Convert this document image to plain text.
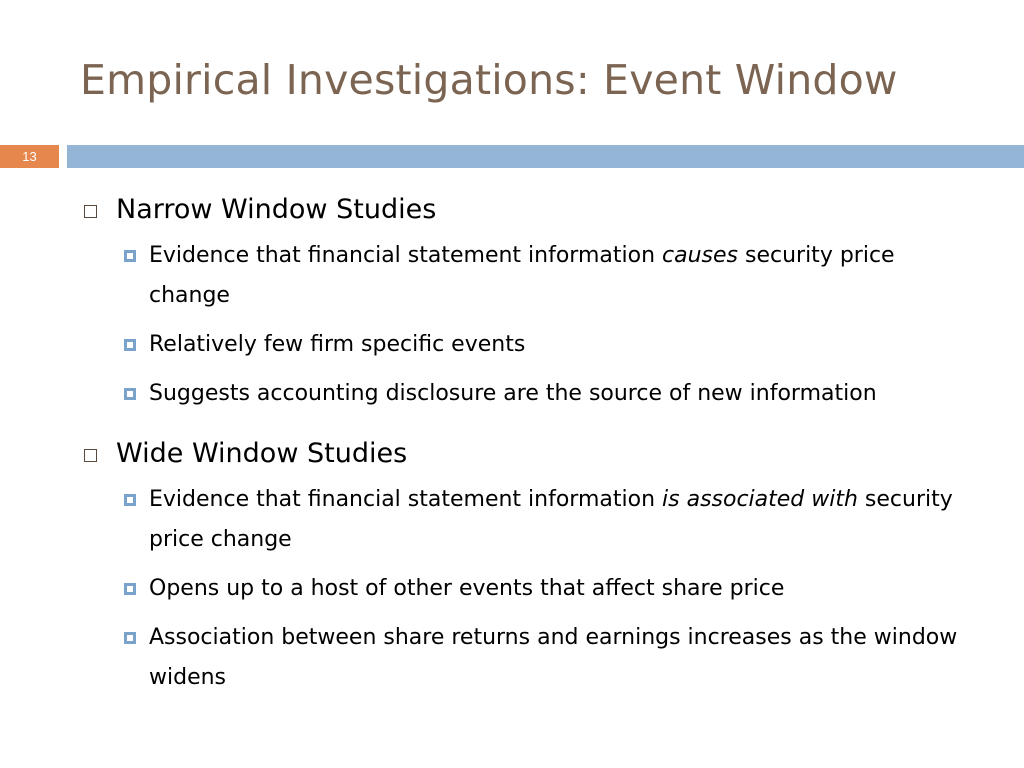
Empirical Investigations: Event Window
13
Narrow Window Studies
Evidence that financial statement information causes security price change
Relatively few firm specific events
Suggests accounting disclosure are the source of new information
Wide Window Studies
Evidence that financial statement information is associated with security price change
Opens up to a host of other events that affect share price
Association between share returns and earnings increases as the window widens
